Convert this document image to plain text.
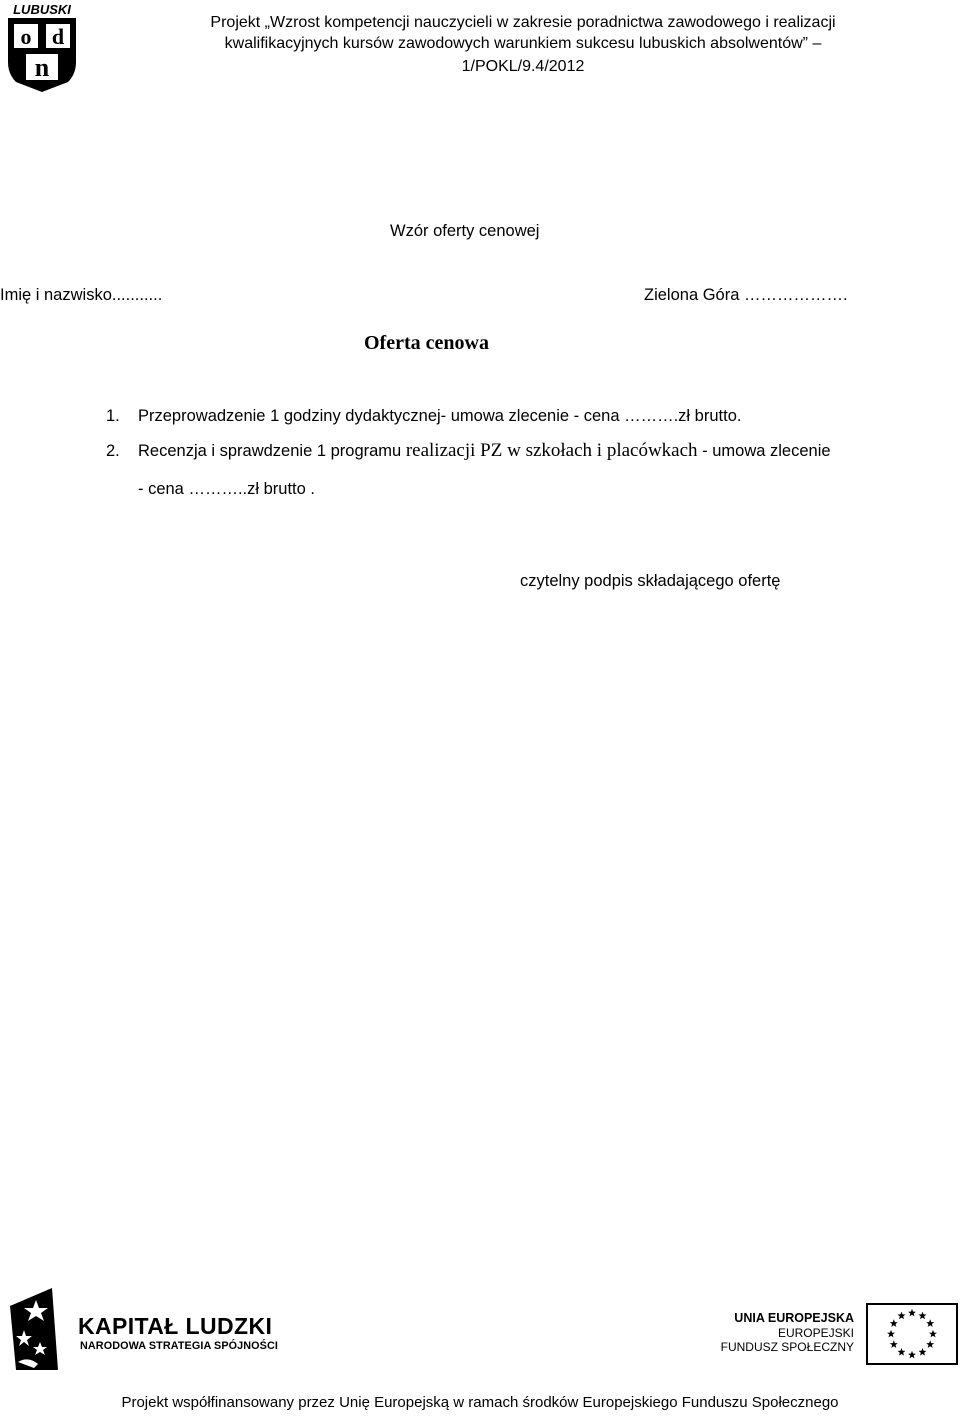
LUBUSKI
o d
n
Projekt „Wzrost kompetencji nauczycieli w zakresie poradnictwa zawodowego i realizacji
kwalifikacyjnych kursów zawodowych warunkiem sukcesu lubuskich absolwentów” –
1/POKL/9.4/2012
Wzór oferty cenowej
Imię i nazwisko...........	Zielona Góra ……………….
Oferta cenowa
1. Przeprowadzenie 1 godziny dydaktycznej- umowa zlecenie - cena ……….zł brutto.
2. Recenzja i sprawdzenie 1 programu realizacji PZ w szkołach i placówkach - umowa zlecenie
- cena ………..zł brutto .
czytelny podpis składającego ofertę
KAPITAŁ LUDZKI
NARODOWA STRATEGIA SPÓJNOŚCI
UNIA EUROPEJSKA
EUROPEJSKI
FUNDUSZ SPOŁECZNY
Projekt współfinansowany przez Unię Europejską w ramach środków Europejskiego Funduszu Społecznego
